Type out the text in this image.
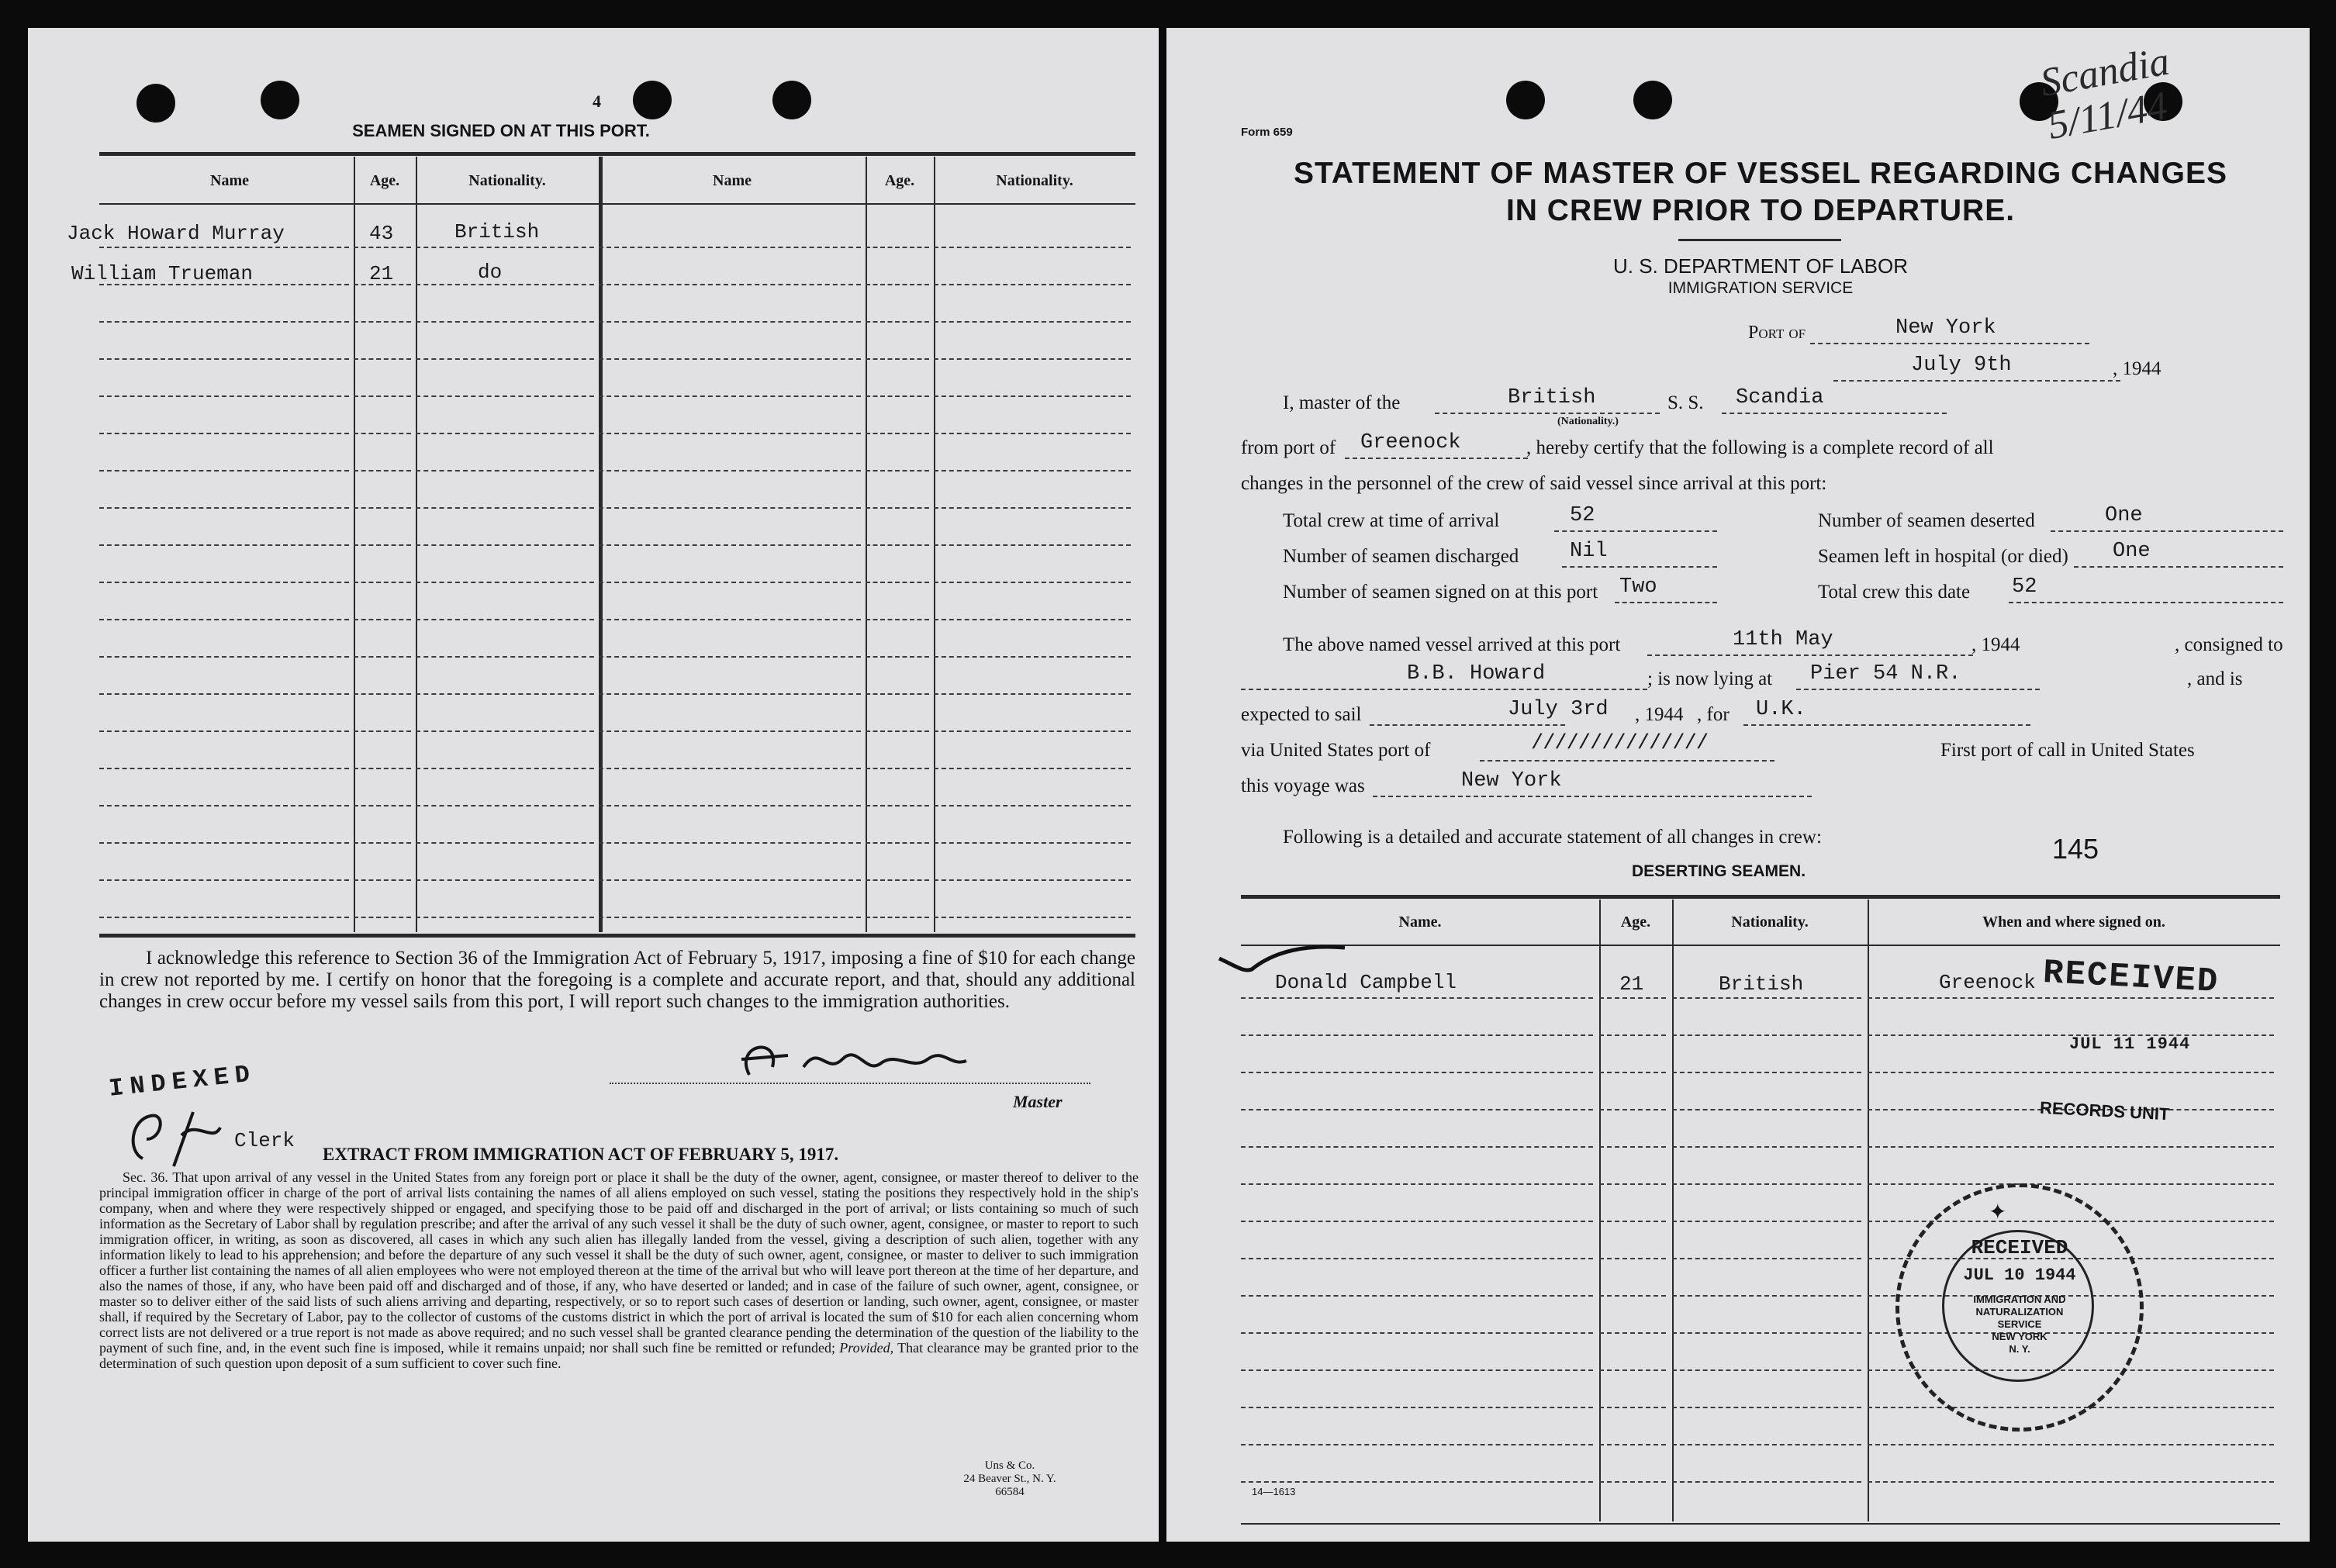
4
SEAMEN SIGNED ON AT THIS PORT.
Name	Age.	Nationality.	Name	Age.	Nationality.
Jack Howard Murray	43	British
William Trueman	21	do
I acknowledge this reference to Section 36 of the Immigration Act of February 5, 1917, imposing a fine of $10 for each change in crew not reported by me. I certify on honor that the foregoing is a complete and accurate report, and that, should any additional changes in crew occur before my vessel sails from this port, I will report such changes to the immigration authorities.
Master
INDEXED
Clerk
EXTRACT FROM IMMIGRATION ACT OF FEBRUARY 5, 1917.
Sec. 36. That upon arrival of any vessel in the United States from any foreign port or place it shall be the duty of the owner, agent, consignee, or master thereof to deliver to the principal immigration officer in charge of the port of arrival lists containing the names of all aliens employed on such vessel, stating the positions they respectively hold in the ship's company, when and where they were respectively shipped or engaged, and specifying those to be paid off and discharged in the port of arrival; or lists containing so much of such information as the Secretary of Labor shall by regulation prescribe; and after the arrival of any such vessel it shall be the duty of such owner, agent, consignee, or master to report to such immigration officer, in writing, as soon as discovered, all cases in which any such alien has illegally landed from the vessel, giving a description of such alien, together with any information likely to lead to his apprehension; and before the departure of any such vessel it shall be the duty of such owner, agent, consignee, or master to deliver to such immigration officer a further list containing the names of all alien employees who were not employed thereon at the time of the arrival but who will leave port thereon at the time of her departure, and also the names of those, if any, who have been paid off and discharged and of those, if any, who have deserted or landed; and in case of the failure of such owner, agent, consignee, or master so to deliver either of the said lists of such aliens arriving and departing, respectively, or so to report such cases of desertion or landing, such owner, agent, consignee, or master shall, if required by the Secretary of Labor, pay to the collector of customs of the customs district in which the port of arrival is located the sum of $10 for each alien concerning whom correct lists are not delivered or a true report is not made as above required; and no such vessel shall be granted clearance pending the determination of the question of the liability to the payment of such fine, and, in the event such fine is imposed, while it remains unpaid; nor shall such fine be remitted or refunded; Provided, That clearance may be granted prior to the determination of such question upon deposit of a sum sufficient to cover such fine.
Uns & Co.
24 Beaver St., N. Y.
66584
Scandia 5/11/44
Form 659
STATEMENT OF MASTER OF VESSEL REGARDING CHANGES
IN CREW PRIOR TO DEPARTURE.
U. S. DEPARTMENT OF LABOR
IMMIGRATION SERVICE
Port of	New York
July 9th	, 1944
I, master of the	British
(Nationality.)
S. S. Scandia
from port of Greenock	, hereby certify that the following is a complete record of all
changes in the personnel of the crew of said vessel since arrival at this port:
Total crew at time of arrival	52	Number of seamen deserted	One
Number of seamen discharged Nil	Seamen left in hospital (or died) One
Number of seamen signed on at this port Two	Total crew this date 52
The above named vessel arrived at this port	11th May	, 1944	, consigned to
B.B. Howard	; is now lying at Pier 54 N.R.	, and is
expected to sail	July 3rd , 1944 , for U.K.
via United States port of	///////////////	First port of call in United States
this voyage was	New York
Following is a detailed and accurate statement of all changes in crew:	145
DESERTING SEAMEN.
Name.	Age.	Nationality.	When and where signed on.
Donald Campbell	21	British	Greenock RECEIVED
JUL 11 1944
RECORDS UNIT
✦
RECEIVED
JUL 10 1944
IMMIGRATION AND
NATURALIZATION
SERVICE
NEW YORK
N. Y.
14—1613
